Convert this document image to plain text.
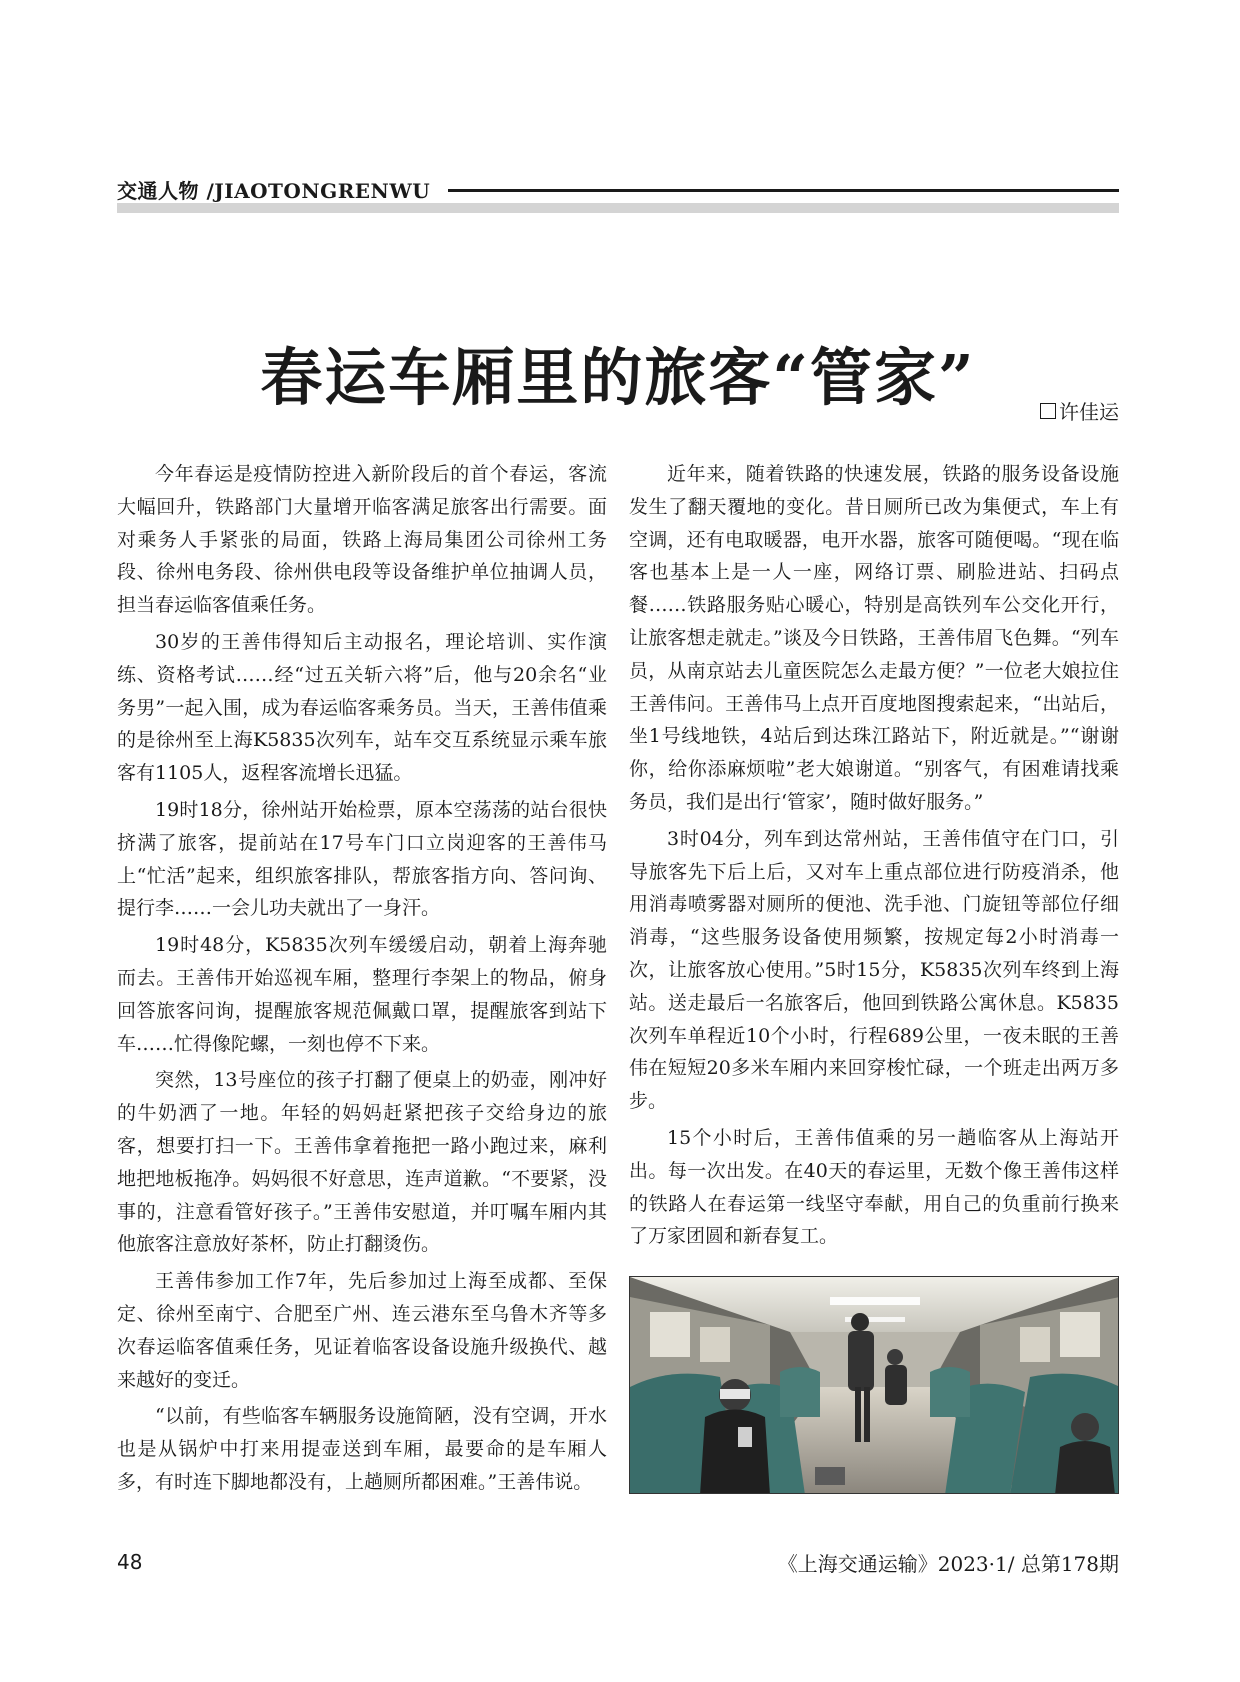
交通人物 /JIAOTONGRENWU
春运车厢里的旅客“管家”	许佳运

今年春运是疫情防控进入新阶段后的首个春运，客流大幅回升，铁路部门大量增开临客满足旅客出行需要。面对乘务人手紧张的局面，铁路上海局集团公司徐州工务段、徐州电务段、徐州供电段等设备维护单位抽调人员，担当春运临客值乘任务。

30岁的王善伟得知后主动报名，理论培训、实作演练、资格考试……经“过五关斩六将”后，他与20余名“业务男”一起入围，成为春运临客乘务员。当天，王善伟值乘的是徐州至上海K5835次列车，站车交互系统显示乘车旅客有1105人，返程客流增长迅猛。

19时18分，徐州站开始检票，原本空荡荡的站台很快挤满了旅客，提前站在17号车门口立岗迎客的王善伟马上“忙活”起来，组织旅客排队，帮旅客指方向、答问询、提行李……一会儿功夫就出了一身汗。

19时48分，K5835次列车缓缓启动，朝着上海奔驰而去。王善伟开始巡视车厢，整理行李架上的物品，俯身回答旅客问询，提醒旅客规范佩戴口罩，提醒旅客到站下车……忙得像陀螺，一刻也停不下来。

突然，13号座位的孩子打翻了便桌上的奶壶，刚冲好的牛奶洒了一地。年轻的妈妈赶紧把孩子交给身边的旅客，想要打扫一下。王善伟拿着拖把一路小跑过来，麻利地把地板拖净。妈妈很不好意思，连声道歉。“不要紧，没事的，注意看管好孩子。”王善伟安慰道，并叮嘱车厢内其他旅客注意放好茶杯，防止打翻烫伤。

王善伟参加工作7年，先后参加过上海至成都、至保定、徐州至南宁、合肥至广州、连云港东至乌鲁木齐等多次春运临客值乘任务，见证着临客设备设施升级换代、越来越好的变迁。

“以前，有些临客车辆服务设施简陋，没有空调，开水也是从锅炉中打来用提壶送到车厢，最要命的是车厢人多，有时连下脚地都没有，上趟厕所都困难。”王善伟说。

近年来，随着铁路的快速发展，铁路的服务设备设施发生了翻天覆地的变化。昔日厕所已改为集便式，车上有空调，还有电取暖器，电开水器，旅客可随便喝。“现在临客也基本上是一人一座，网络订票、刷脸进站、扫码点餐……铁路服务贴心暖心，特别是高铁列车公交化开行，让旅客想走就走。”谈及今日铁路，王善伟眉飞色舞。“列车员，从南京站去儿童医院怎么走最方便？”一位老大娘拉住王善伟问。王善伟马上点开百度地图搜索起来，“出站后，坐1号线地铁，4站后到达珠江路站下，附近就是。”“谢谢你，给你添麻烦啦”老大娘谢道。“别客气，有困难请找乘务员，我们是出行‘管家’，随时做好服务。”

3时04分，列车到达常州站，王善伟值守在门口，引导旅客先下后上后，又对车上重点部位进行防疫消杀，他用消毒喷雾器对厕所的便池、洗手池、门旋钮等部位仔细消毒，“这些服务设备使用频繁，按规定每2小时消毒一次，让旅客放心使用。”5时15分，K5835次列车终到上海站。送走最后一名旅客后，他回到铁路公寓休息。K5835次列车单程近10个小时，行程689公里，一夜未眠的王善伟在短短20多米车厢内来回穿梭忙碌，一个班走出两万多步。

15个小时后，王善伟值乘的另一趟临客从上海站开出。每一次出发。在40天的春运里，无数个像王善伟这样的铁路人在春运第一线坚守奉献，用自己的负重前行换来了万家团圆和新春复工。

48	《上海交通运输》2023·1/ 总第178期
